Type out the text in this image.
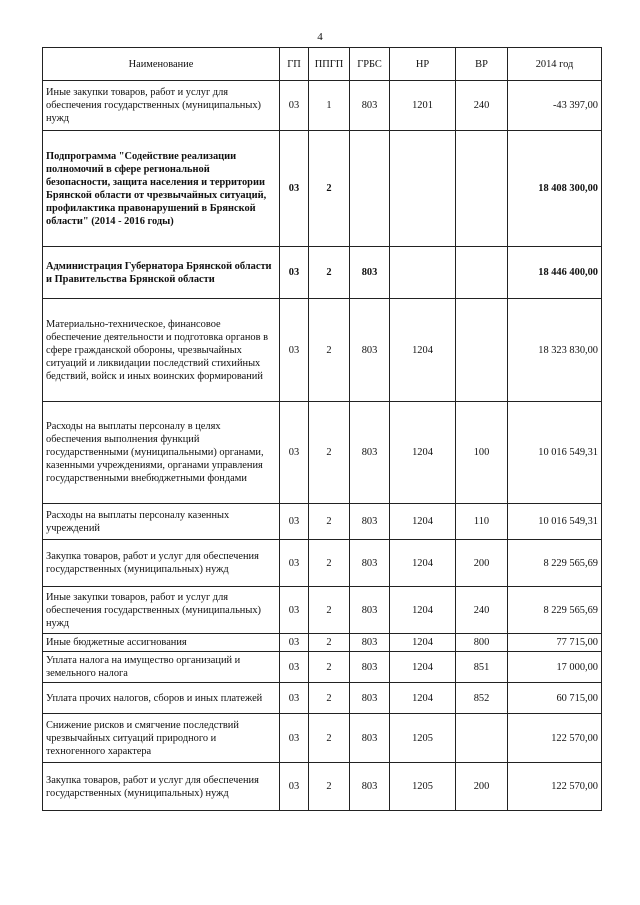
4
Наименование	ГП	ППГП	ГРБС	НР	ВР	2014 год
Иные закупки товаров, работ и услуг для обеспечения государственных (муниципальных) нужд	03	1	803	1201	240	-43 397,00
Подпрограмма "Содействие реализации полномочий в сфере региональной безопасности, защита населения и территории Брянской области от чрезвычайных ситуаций, профилактика правонарушений в Брянской области" (2014 - 2016 годы)	03	2				18 408 300,00
Администрация Губернатора Брянской области и Правительства Брянской области	03	2	803			18 446 400,00
Материально-техническое, финансовое обеспечение деятельности и подготовка органов в сфере гражданской обороны, чрезвычайных ситуаций и ликвидации последствий стихийных бедствий, войск и иных воинских формирований	03	2	803	1204		18 323 830,00
Расходы на выплаты персоналу в целях обеспечения выполнения функций государственными (муниципальными) органами, казенными учреждениями, органами управления государственными внебюджетными фондами	03	2	803	1204	100	10 016 549,31
Расходы на выплаты персоналу казенных учреждений	03	2	803	1204	110	10 016 549,31
Закупка товаров, работ и услуг для обеспечения государственных (муниципальных) нужд	03	2	803	1204	200	8 229 565,69
Иные закупки товаров, работ и услуг для обеспечения государственных (муниципальных) нужд	03	2	803	1204	240	8 229 565,69
Иные бюджетные ассигнования	03	2	803	1204	800	77 715,00
Уплата налога на имущество организаций и земельного налога	03	2	803	1204	851	17 000,00
Уплата прочих налогов, сборов и иных платежей	03	2	803	1204	852	60 715,00
Снижение рисков и смягчение последствий чрезвычайных ситуаций природного и техногенного характера	03	2	803	1205		122 570,00
Закупка товаров, работ и услуг для обеспечения государственных (муниципальных) нужд	03	2	803	1205	200	122 570,00
